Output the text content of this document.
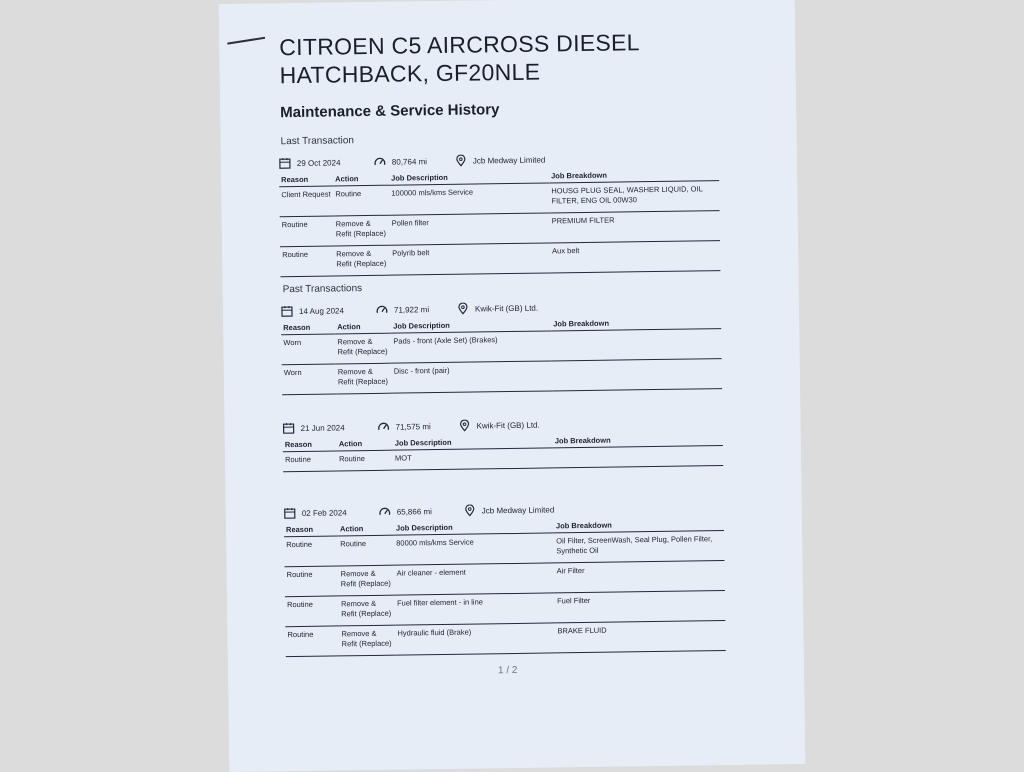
CITROEN C5 AIRCROSS DIESEL
HATCHBACK, GF20NLE
Maintenance & Service History
Last Transaction
29 Oct 2024	80,764 mi	Jcb Medway Limited
Reason	Action	Job Description	Job Breakdown
Client Request	Routine	100000 mls/kms Service	HOUSG PLUG SEAL, WASHER LIQUID, OIL FILTER, ENG OIL 00W30
Routine	Remove & Refit (Replace)	Pollen filter	PREMIUM FILTER
Routine	Remove & Refit (Replace)	Polyrib belt	Aux belt
Past Transactions
14 Aug 2024	71,922 mi	Kwik-Fit (GB) Ltd.
Reason	Action	Job Description	Job Breakdown
Worn	Remove & Refit (Replace)	Pads - front (Axle Set) (Brakes)	
Worn	Remove & Refit (Replace)	Disc - front (pair)	
21 Jun 2024	71,575 mi	Kwik-Fit (GB) Ltd.
Reason	Action	Job Description	Job Breakdown
Routine	Routine	MOT	
02 Feb 2024	65,866 mi	Jcb Medway Limited
Reason	Action	Job Description	Job Breakdown
Routine	Routine	80000 mls/kms Service	Oil Filter, ScreenWash, Seal Plug, Pollen Filter, Synthetic Oil
Routine	Remove & Refit (Replace)	Air cleaner - element	Air Filter
Routine	Remove & Refit (Replace)	Fuel filter element - in line	Fuel Filter
Routine	Remove & Refit (Replace)	Hydraulic fluid (Brake)	BRAKE FLUID
1 / 2
